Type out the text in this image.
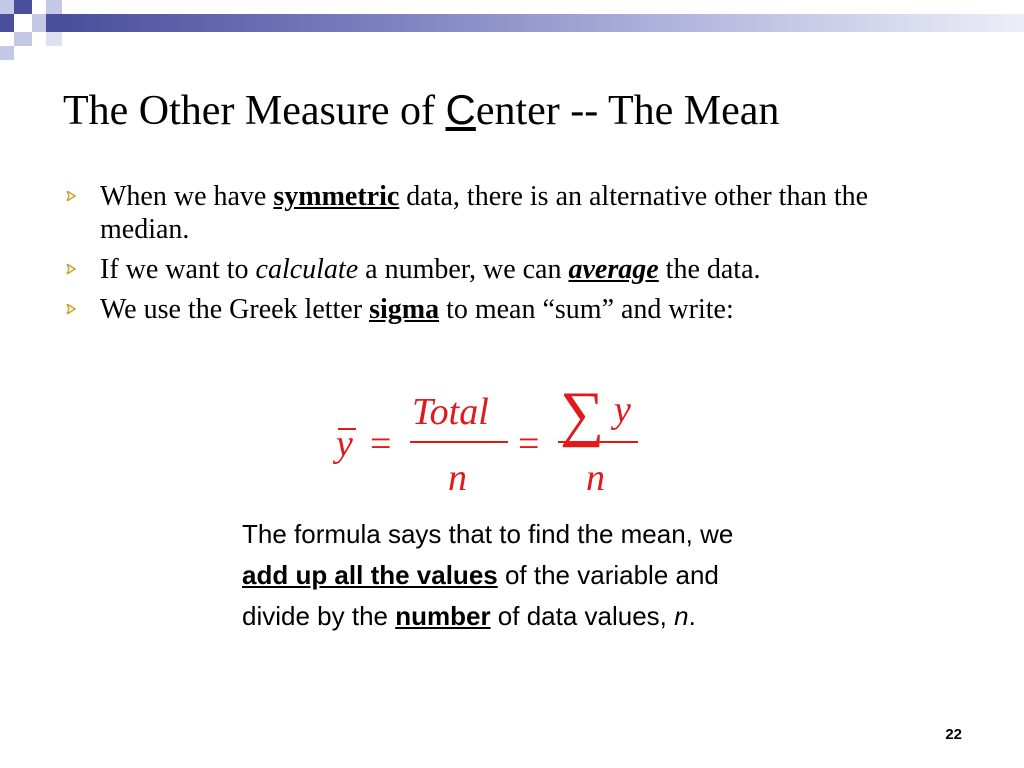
The Other Measure of Center -- The Mean
When we have symmetric data, there is an alternative other than the median.
If we want to calculate a number, we can average the data.
We use the Greek letter sigma to mean “sum” and write:
y =
Total
n
= ∑ y
n
The formula says that to find the mean, we add up all the values of the variable and divide by the number of data values, n.
22
